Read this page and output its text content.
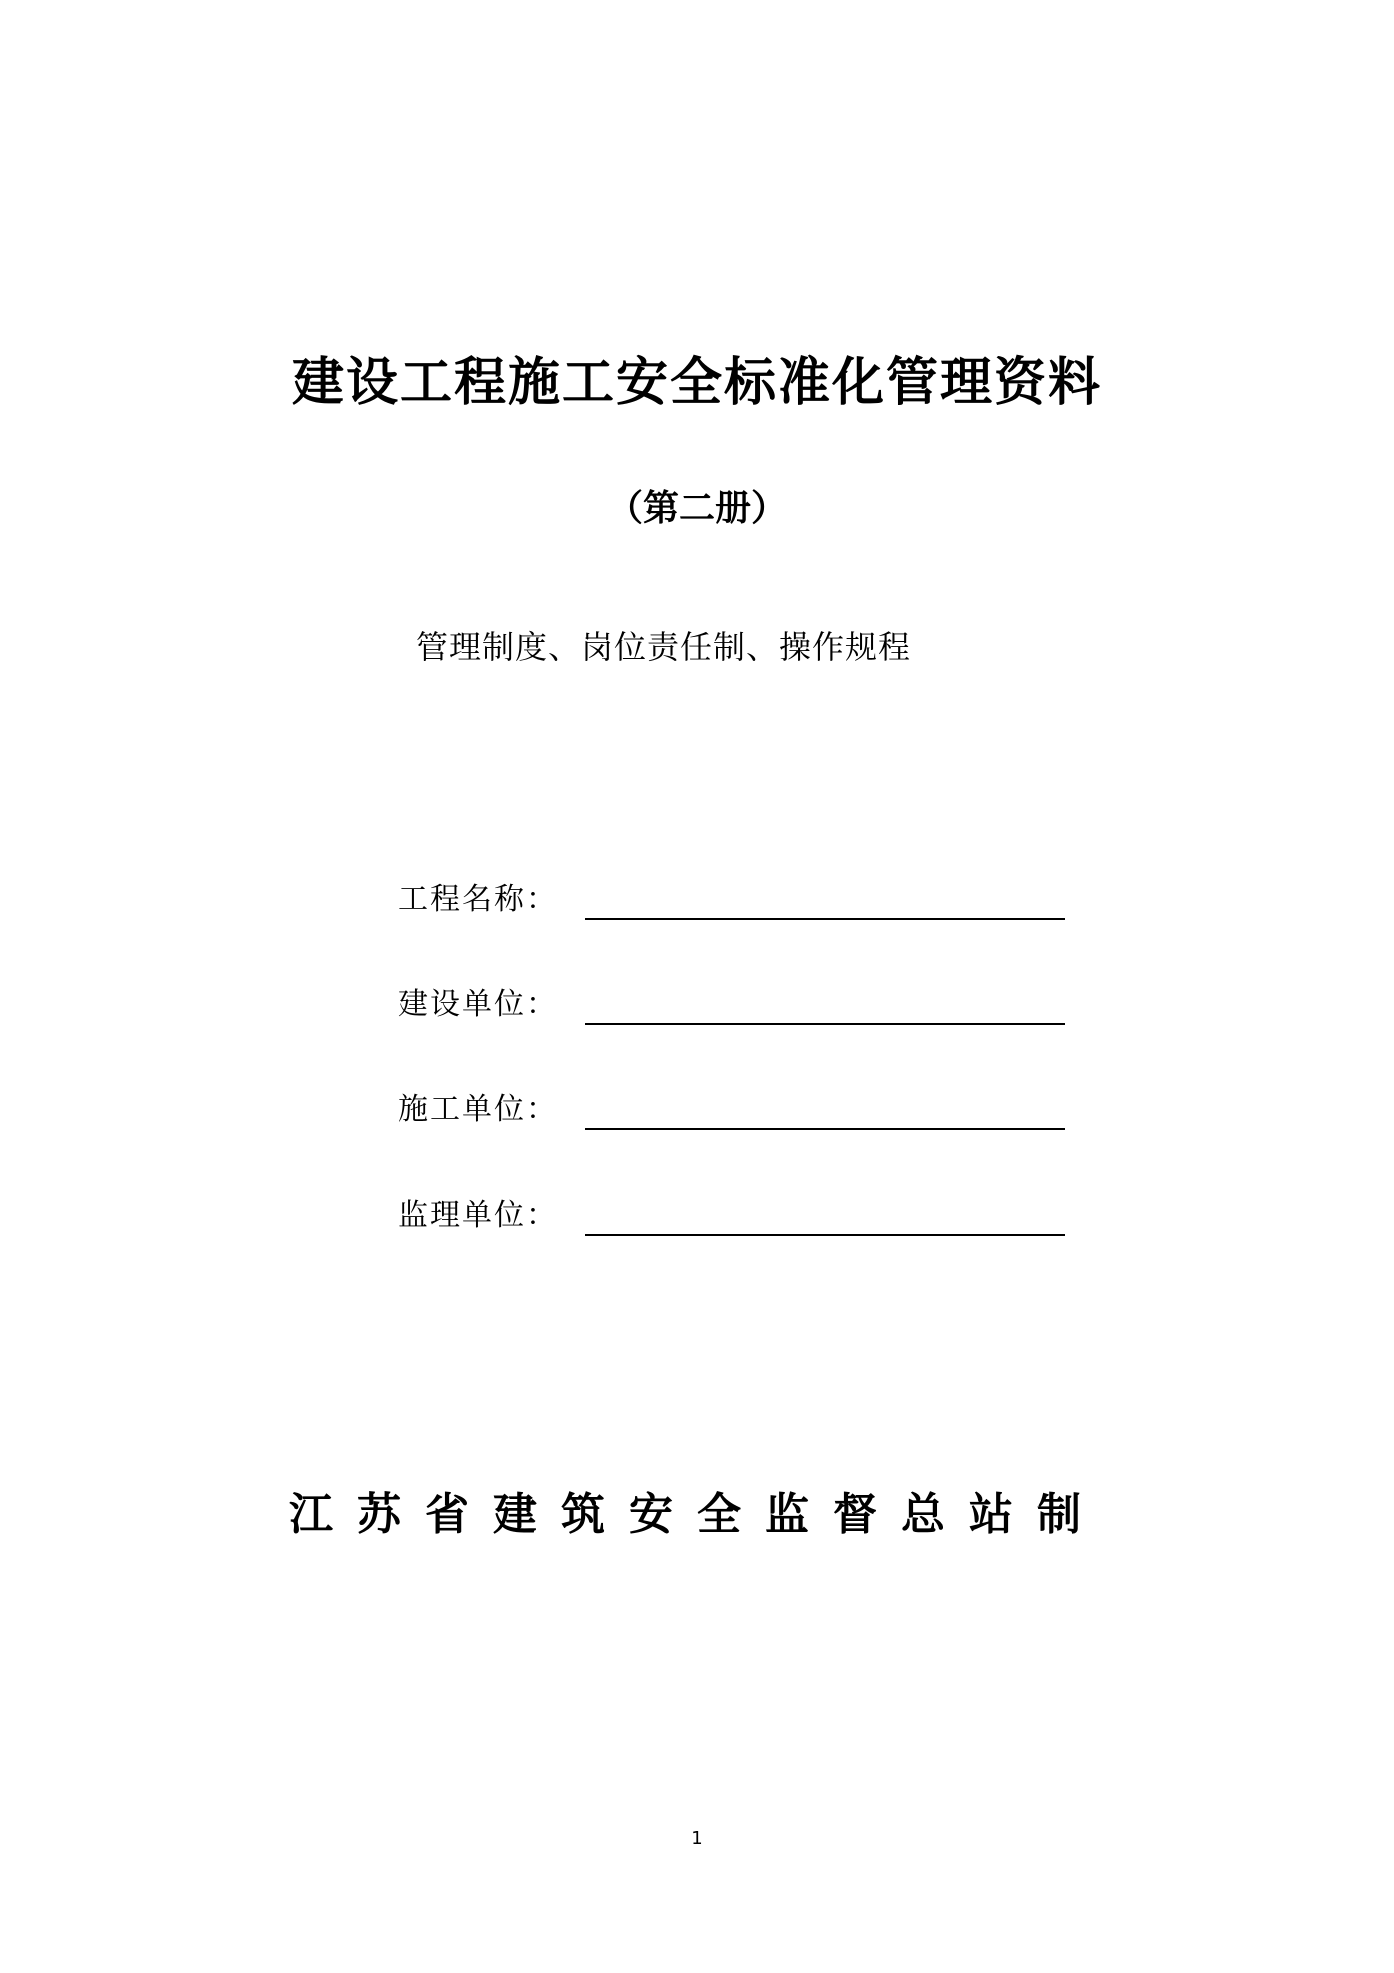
建设工程施工安全标准化管理资料
（第二册）
管理制度、岗位责任制、操作规程
工程名称：
建设单位：
施工单位：
监理单位：
江苏省建筑安全监督总站制
1
